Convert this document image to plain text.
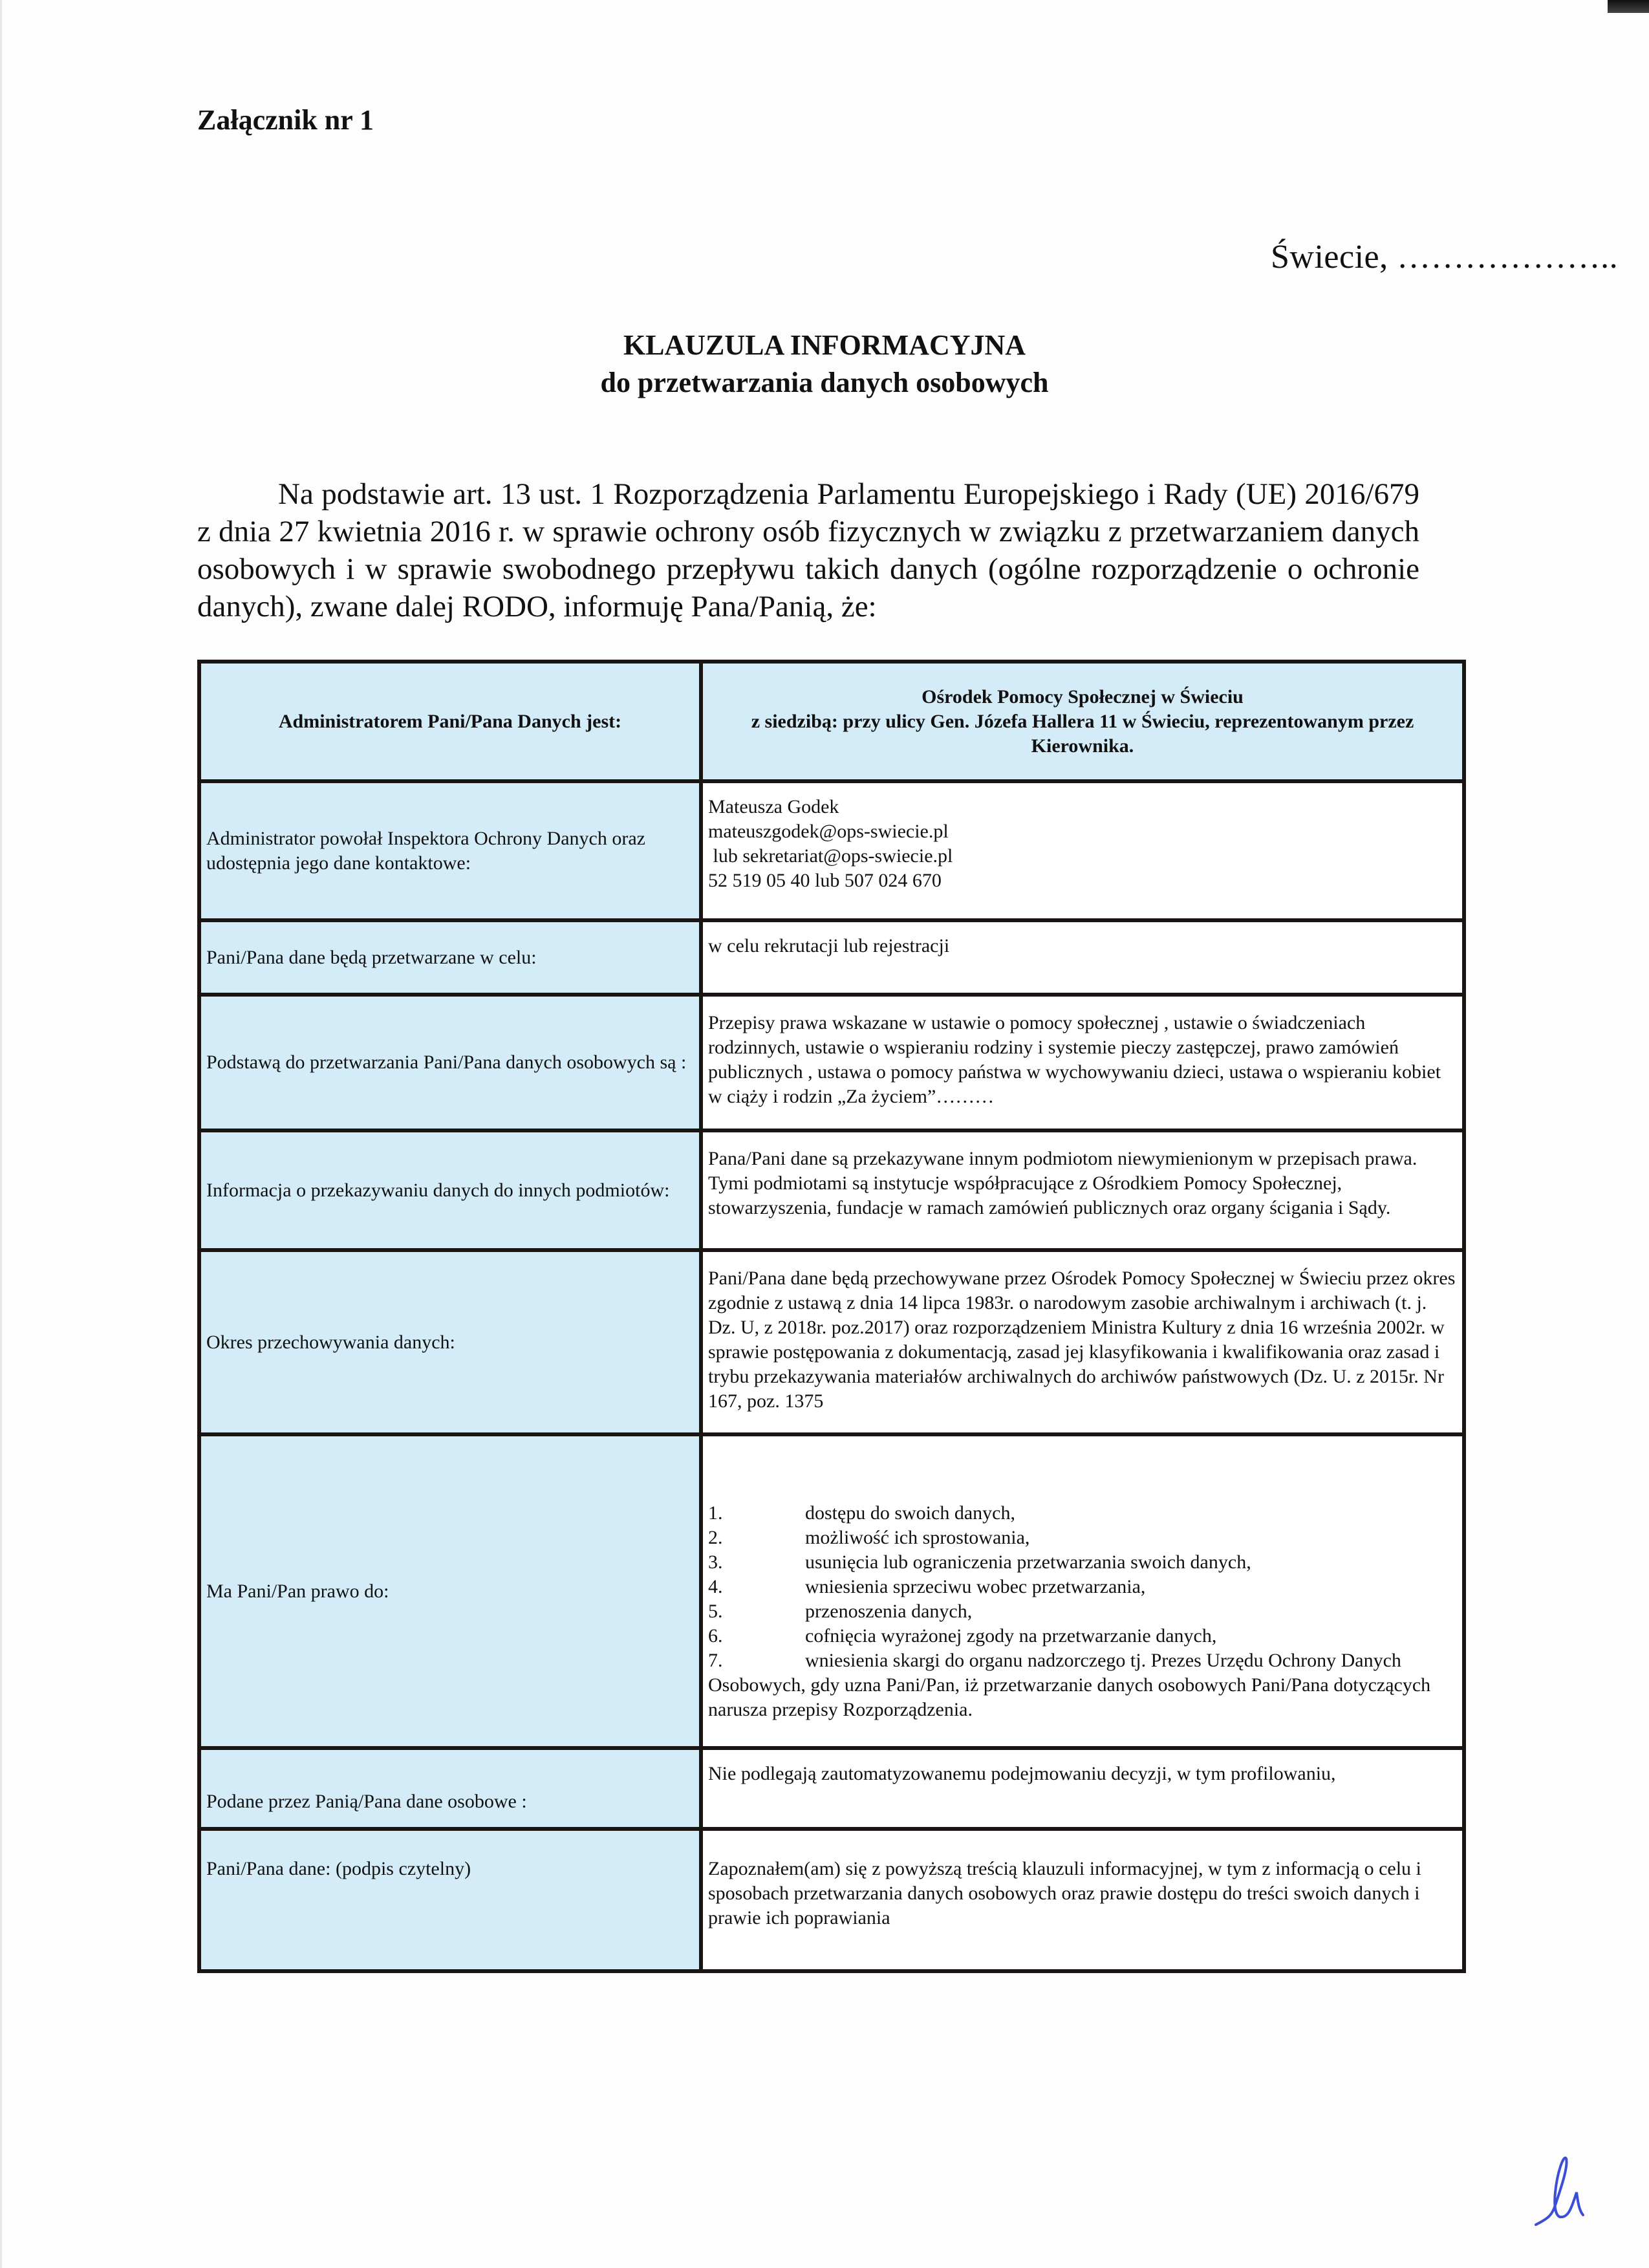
Załącznik nr 1
Świecie, ………………..
KLAUZULA INFORMACYJNA
do przetwarzania danych osobowych
Na podstawie art. 13 ust. 1 Rozporządzenia Parlamentu Europejskiego i Rady (UE) 2016/679 z dnia 27 kwietnia 2016 r. w sprawie ochrony osób fizycznych w związku z przetwarzaniem danych osobowych i w sprawie swobodnego przepływu takich danych (ogólne rozporządzenie o ochronie danych), zwane dalej RODO, informuję Pana/Panią, że:
Administratorem Pani/Pana Danych jest:	Ośrodek Pomocy Społecznej w Świeciu
z siedzibą: przy ulicy Gen. Józefa Hallera 11 w Świeciu, reprezentowanym przez Kierownika.

Administrator powołał Inspektora Ochrony Danych oraz udostępnia jego dane kontaktowe:	Mateusza Godek
mateuszgodek@ops-swiecie.pl
lub sekretariat@ops-swiecie.pl
52 519 05 40 lub 507 024 670

Pani/Pana dane będą przetwarzane w celu:	w celu rekrutacji lub rejestracji
Podstawą do przetwarzania Pani/Pana danych osobowych są :	Przepisy prawa wskazane w ustawie o pomocy społecznej , ustawie o świadczeniach rodzinnych, ustawie o wspieraniu rodziny i systemie pieczy zastępczej, prawo zamówień publicznych , ustawa o pomocy państwa w wychowywaniu dzieci, ustawa o wspieraniu kobiet w ciąży i rodzin „Za życiem”………
Informacja o przekazywaniu danych do innych podmiotów:	Pana/Pani dane są przekazywane innym podmiotom niewymienionym w przepisach prawa.
Tymi podmiotami są instytucje współpracujące z Ośrodkiem Pomocy Społecznej,
stowarzyszenia, fundacje w ramach zamówień publicznych oraz organy ścigania i Sądy.

Okres przechowywania danych:	Pani/Pana dane będą przechowywane przez Ośrodek Pomocy Społecznej w Świeciu przez okres zgodnie z ustawą z dnia 14 lipca 1983r. o narodowym zasobie archiwalnym i archiwach (t. j. Dz. U, z 2018r. poz.2017) oraz rozporządzeniem Ministra Kultury z dnia 16 września 2002r. w sprawie postępowania z dokumentacją, zasad jej klasyfikowania i kwalifikowania oraz zasad i trybu przekazywania materiałów archiwalnych do archiwów państwowych (Dz. U. z 2015r. Nr 167, poz. 1375
Ma Pani/Pan prawo do:	
1.	dostępu do swoich danych,
2.	możliwość ich sprostowania,
3.	usunięcia lub ograniczenia przetwarzania swoich danych,
4.	wniesienia sprzeciwu wobec przetwarzania,
5.	przenoszenia danych,
6.	cofnięcia wyrażonej zgody na przetwarzanie danych,
7.	wniesienia skargi do organu nadzorczego tj. Prezes Urzędu Ochrony Danych
Osobowych, gdy uzna Pani/Pan, iż przetwarzanie danych osobowych Pani/Pana dotyczących narusza przepisy Rozporządzenia.

Podane przez Panią/Pana dane osobowe :	Nie podlegają zautomatyzowanemu podejmowaniu decyzji, w tym profilowaniu,
Pani/Pana dane: (podpis czytelny)	Zapoznałem(am) się z powyższą treścią klauzuli informacyjnej, w tym z informacją o celu i sposobach przetwarzania danych osobowych oraz prawie dostępu do treści swoich danych i prawie ich poprawiania
